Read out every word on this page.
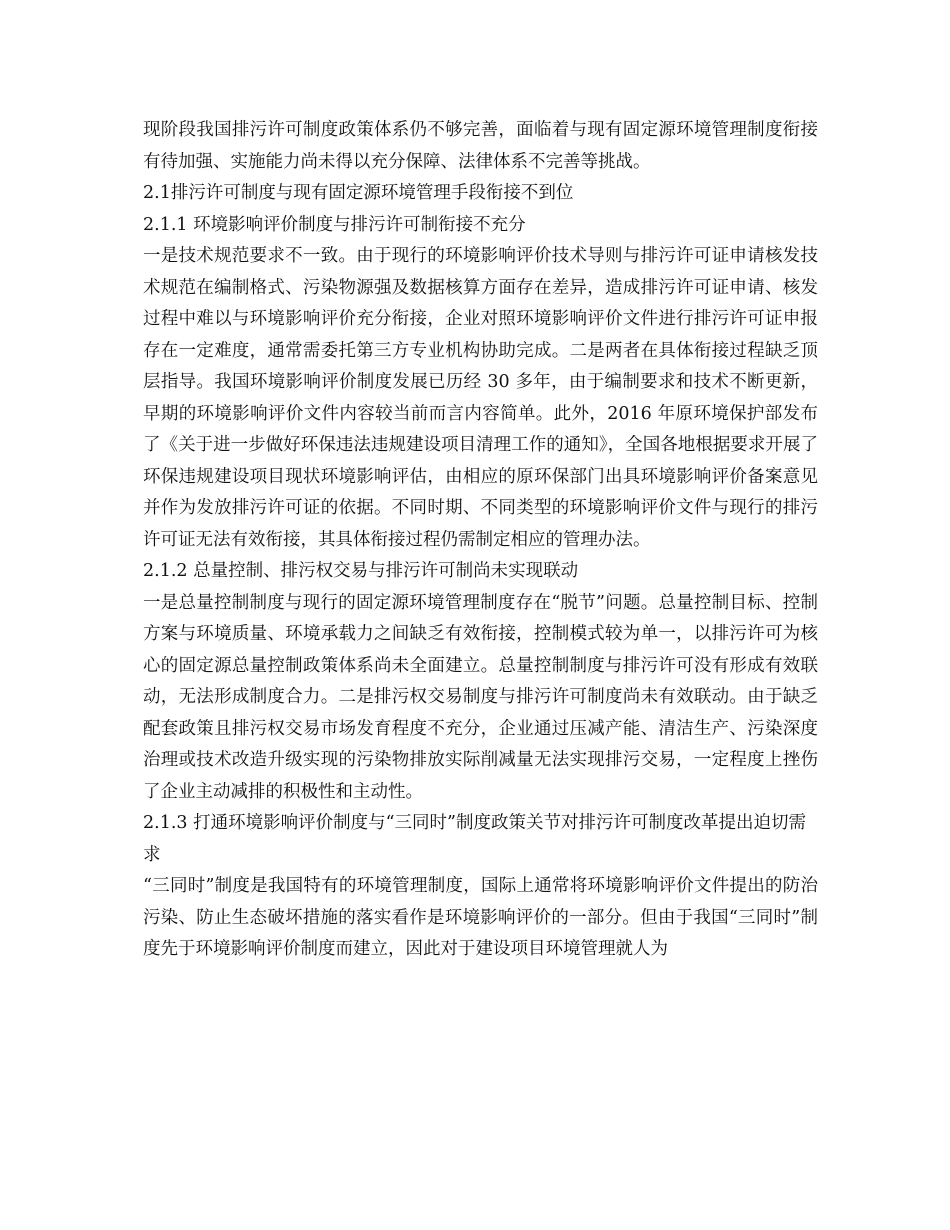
现阶段我国排污许可制度政策体系仍不够完善，面临着与现有固定源环境管理制度衔接有待加强、实施能力尚未得以充分保障、法律体系不完善等挑战。

2.1排污许可制度与现有固定源环境管理手段衔接不到位

2.1.1 环境影响评价制度与排污许可制衔接不充分

一是技术规范要求不一致。由于现行的环境影响评价技术导则与排污许可证申请核发技术规范在编制格式、污染物源强及数据核算方面存在差异，造成排污许可证申请、核发过程中难以与环境影响评价充分衔接，企业对照环境影响评价文件进行排污许可证申报存在一定难度，通常需委托第三方专业机构协助完成。二是两者在具体衔接过程缺乏顶层指导。我国环境影响评价制度发展已历经 30 多年，由于编制要求和技术不断更新，早期的环境影响评价文件内容较当前而言内容简单。此外，2016 年原环境保护部发布了《关于进一步做好环保违法违规建设项目清理工作的通知》，全国各地根据要求开展了环保违规建设项目现状环境影响评估，由相应的原环保部门出具环境影响评价备案意见并作为发放排污许可证的依据。不同时期、不同类型的环境影响评价文件与现行的排污许可证无法有效衔接，其具体衔接过程仍需制定相应的管理办法。

2.1.2 总量控制、排污权交易与排污许可制尚未实现联动

一是总量控制制度与现行的固定源环境管理制度存在“脱节”问题。总量控制目标、控制方案与环境质量、环境承载力之间缺乏有效衔接，控制模式较为单一，以排污许可为核心的固定源总量控制政策体系尚未全面建立。总量控制制度与排污许可没有形成有效联动，无法形成制度合力。二是排污权交易制度与排污许可制度尚未有效联动。由于缺乏配套政策且排污权交易市场发育程度不充分，企业通过压减产能、清洁生产、污染深度治理或技术改造升级实现的污染物排放实际削减量无法实现排污交易，一定程度上挫伤了企业主动减排的积极性和主动性。

2.1.3 打通环境影响评价制度与“三同时”制度政策关节对排污许可制度改革提出迫切需求

“三同时”制度是我国特有的环境管理制度，国际上通常将环境影响评价文件提出的防治污染、防止生态破坏措施的落实看作是环境影响评价的一部分。但由于我国“三同时”制度先于环境影响评价制度而建立，因此对于建设项目环境管理就人为
